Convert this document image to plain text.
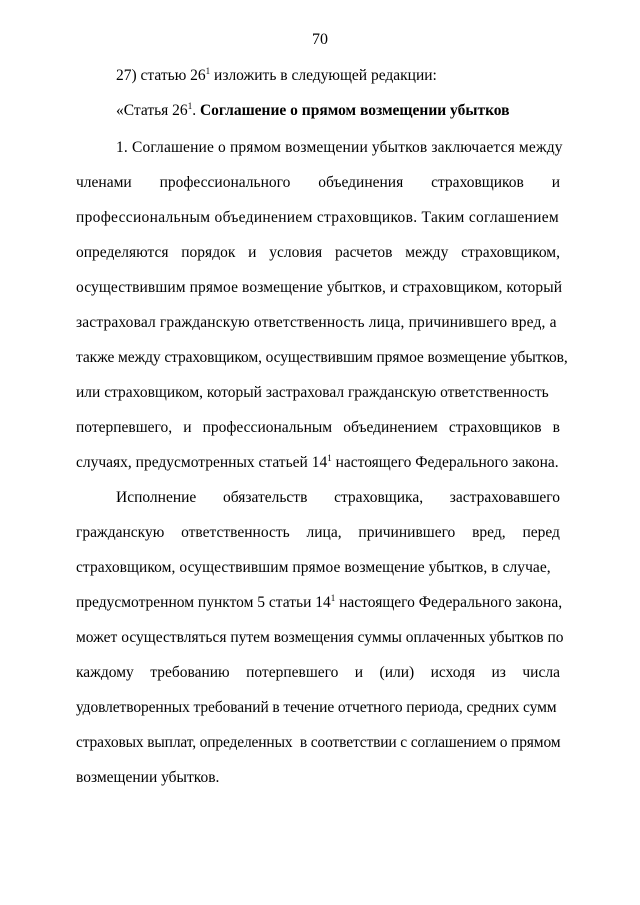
70
27) статью $26^1$ изложить в следующей редакции:
«Статья $26^1$. Соглашение о прямом возмещении убытков
1. Соглашение о прямом возмещении убытков заключается между
членами профессионального объединения страховщиков и
профессиональным объединением страховщиков. Таким соглашением
определяются порядок и условия расчетов между страховщиком,
осуществившим прямое возмещение убытков, и страховщиком, который
застраховал гражданскую ответственность лица, причинившего вред, а
также между страховщиком, осуществившим прямое возмещение убытков,
или страховщиком, который застраховал гражданскую ответственность
потерпевшего, и профессиональным объединением страховщиков в
случаях, предусмотренных статьей $14^1$ настоящего Федерального закона.
Исполнение обязательств страховщика, застраховавшего
гражданскую ответственность лица, причинившего вред, перед
страховщиком, осуществившим прямое возмещение убытков, в случае,
предусмотренном пунктом 5 статьи $14^1$ настоящего Федерального закона,
может осуществляться путем возмещения суммы оплаченных убытков по
каждому требованию потерпевшего и (или) исходя из числа
удовлетворенных требований в течение отчетного периода, средних сумм
страховых выплат, определенных  в соответствии с соглашением о прямом
возмещении убытков.
